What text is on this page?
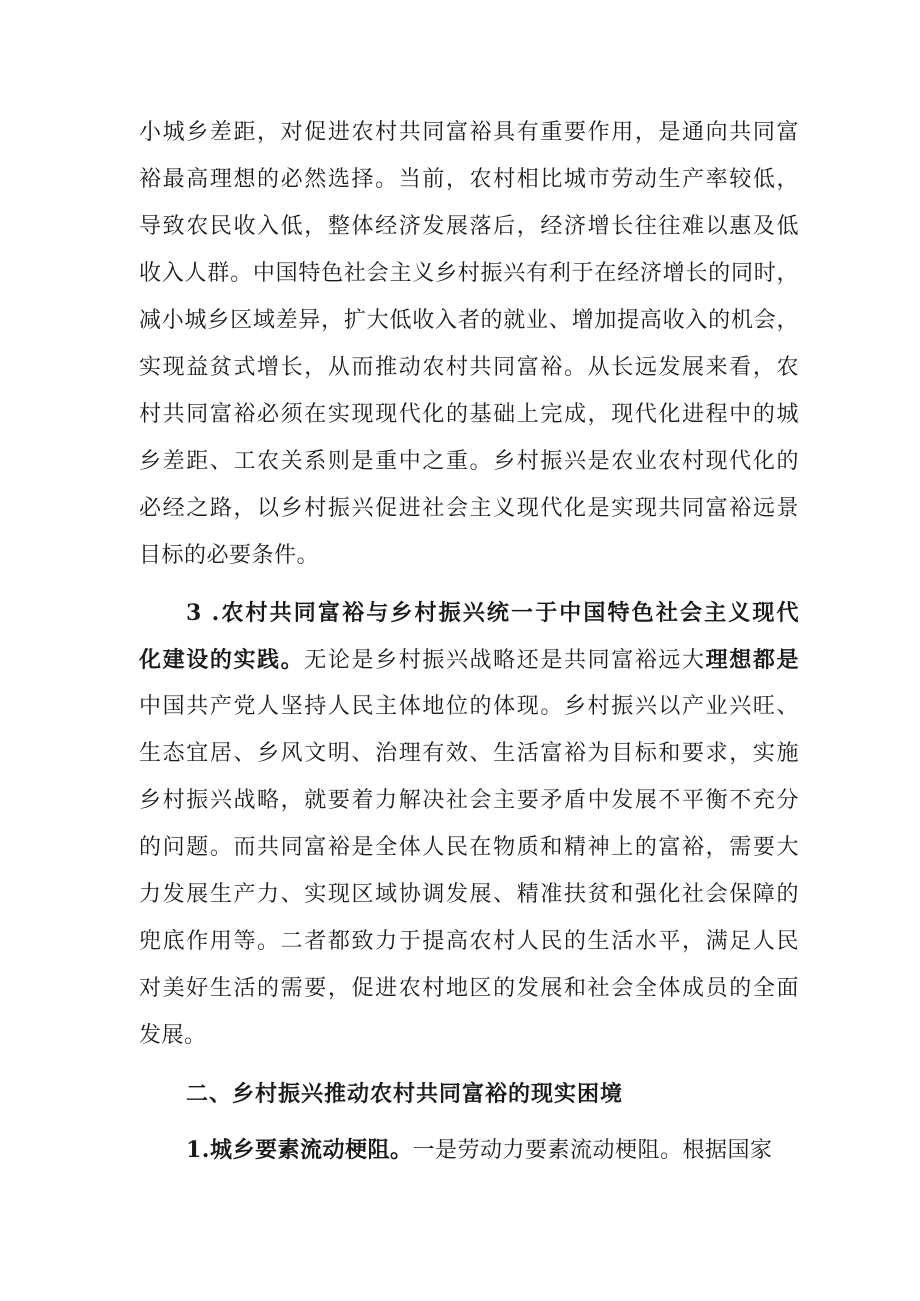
小城乡差距，对促进农村共同富裕具有重要作用，是通向共同富
裕最高理想的必然选择。当前，农村相比城市劳动生产率较低，
导致农民收入低，整体经济发展落后，经济增长往往难以惠及低
收入人群。中国特色社会主义乡村振兴有利于在经济增长的同时，
减小城乡区域差异，扩大低收入者的就业、增加提高收入的机会，
实现益贫式增长，从而推动农村共同富裕。从长远发展来看，农
村共同富裕必须在实现现代化的基础上完成，现代化进程中的城
乡差距、工农关系则是重中之重。乡村振兴是农业农村现代化的
必经之路，以乡村振兴促进社会主义现代化是实现共同富裕远景
目标的必要条件。
3 .农村共同富裕与乡村振兴统一于中国特色社会主义现代
化建设的实践。无论是乡村振兴战略还是共同富裕远大理想都是
中国共产党人坚持人民主体地位的体现。乡村振兴以产业兴旺、
生态宜居、乡风文明、治理有效、生活富裕为目标和要求，实施
乡村振兴战略，就要着力解决社会主要矛盾中发展不平衡不充分
的问题。而共同富裕是全体人民在物质和精神上的富裕，需要大
力发展生产力、实现区域协调发展、精准扶贫和强化社会保障的
兜底作用等。二者都致力于提高农村人民的生活水平，满足人民
对美好生活的需要，促进农村地区的发展和社会全体成员的全面
发展。
二、乡村振兴推动农村共同富裕的现实困境
1.城乡要素流动梗阻。一是劳动力要素流动梗阻。根据国家
